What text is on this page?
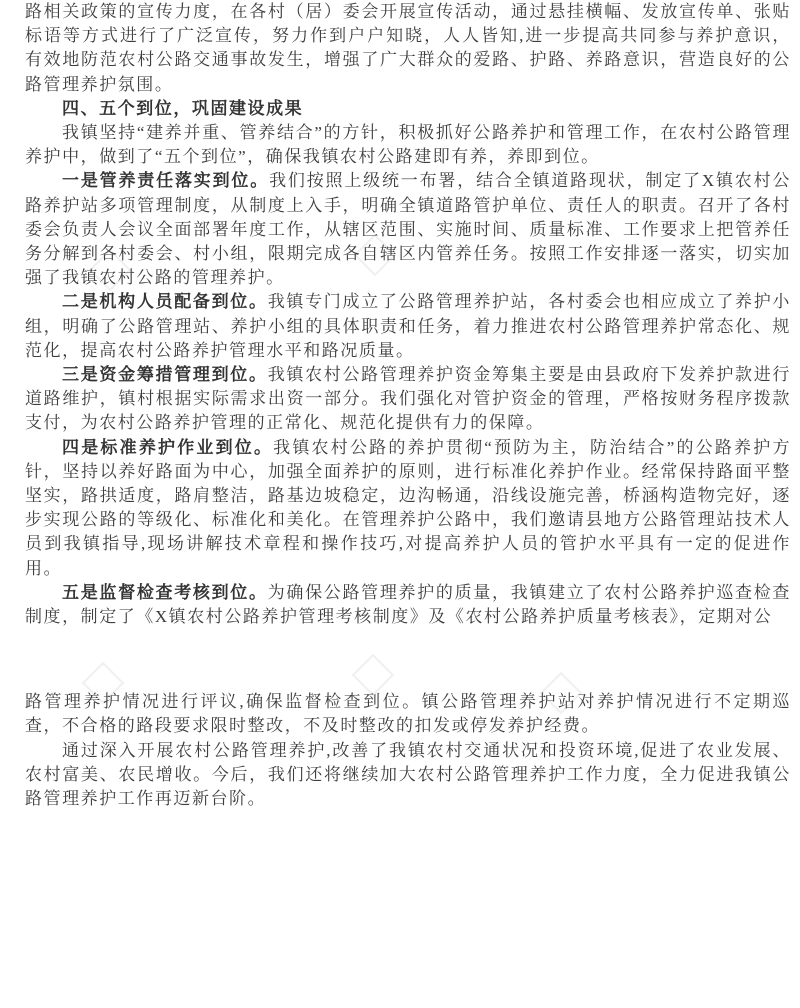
路相关政策的宣传力度，在各村（居）委会开展宣传活动，通过悬挂横幅、发放宣传单、张贴标语等方式进行了广泛宣传，努力作到户户知晓，人人皆知,进一步提高共同参与养护意识，有效地防范农村公路交通事故发生，增强了广大群众的爱路、护路、养路意识，营造良好的公路管理养护氛围。

四、五个到位，巩固建设成果

我镇坚持“建养并重、管养结合”的方针，积极抓好公路养护和管理工作，在农村公路管理养护中，做到了“五个到位”，确保我镇农村公路建即有养，养即到位。

一是管养责任落实到位。我们按照上级统一布署，结合全镇道路现状，制定了X镇农村公路养护站多项管理制度，从制度上入手，明确全镇道路管护单位、责任人的职责。召开了各村委会负责人会议全面部署年度工作，从辖区范围、实施时间、质量标准、工作要求上把管养任务分解到各村委会、村小组，限期完成各自辖区内管养任务。按照工作安排逐一落实，切实加强了我镇农村公路的管理养护。

二是机构人员配备到位。我镇专门成立了公路管理养护站，各村委会也相应成立了养护小组，明确了公路管理站、养护小组的具体职责和任务，着力推进农村公路管理养护常态化、规范化，提高农村公路养护管理水平和路况质量。

三是资金筹措管理到位。我镇农村公路管理养护资金筹集主要是由县政府下发养护款进行道路维护，镇村根据实际需求出资一部分。我们强化对管护资金的管理，严格按财务程序拨款支付，为农村公路养护管理的正常化、规范化提供有力的保障。

四是标准养护作业到位。我镇农村公路的养护贯彻“预防为主，防治结合”的公路养护方针，坚持以养好路面为中心，加强全面养护的原则，进行标准化养护作业。经常保持路面平整坚实，路拱适度，路肩整洁，路基边坡稳定，边沟畅通，沿线设施完善，桥涵构造物完好，逐步实现公路的等级化、标准化和美化。在管理养护公路中，我们邀请县地方公路管理站技术人员到我镇指导,现场讲解技术章程和操作技巧,对提高养护人员的管护水平具有一定的促进作用。

五是监督检查考核到位。为确保公路管理养护的质量，我镇建立了农村公路养护巡查检查制度，制定了《X镇农村公路养护管理考核制度》及《农村公路养护质量考核表》，定期对公

路管理养护情况进行评议,确保监督检查到位。镇公路管理养护站对养护情况进行不定期巡查，不合格的路段要求限时整改，不及时整改的扣发或停发养护经费。

通过深入开展农村公路管理养护,改善了我镇农村交通状况和投资环境,促进了农业发展、农村富美、农民增收。今后，我们还将继续加大农村公路管理养护工作力度，全力促进我镇公路管理养护工作再迈新台阶。
